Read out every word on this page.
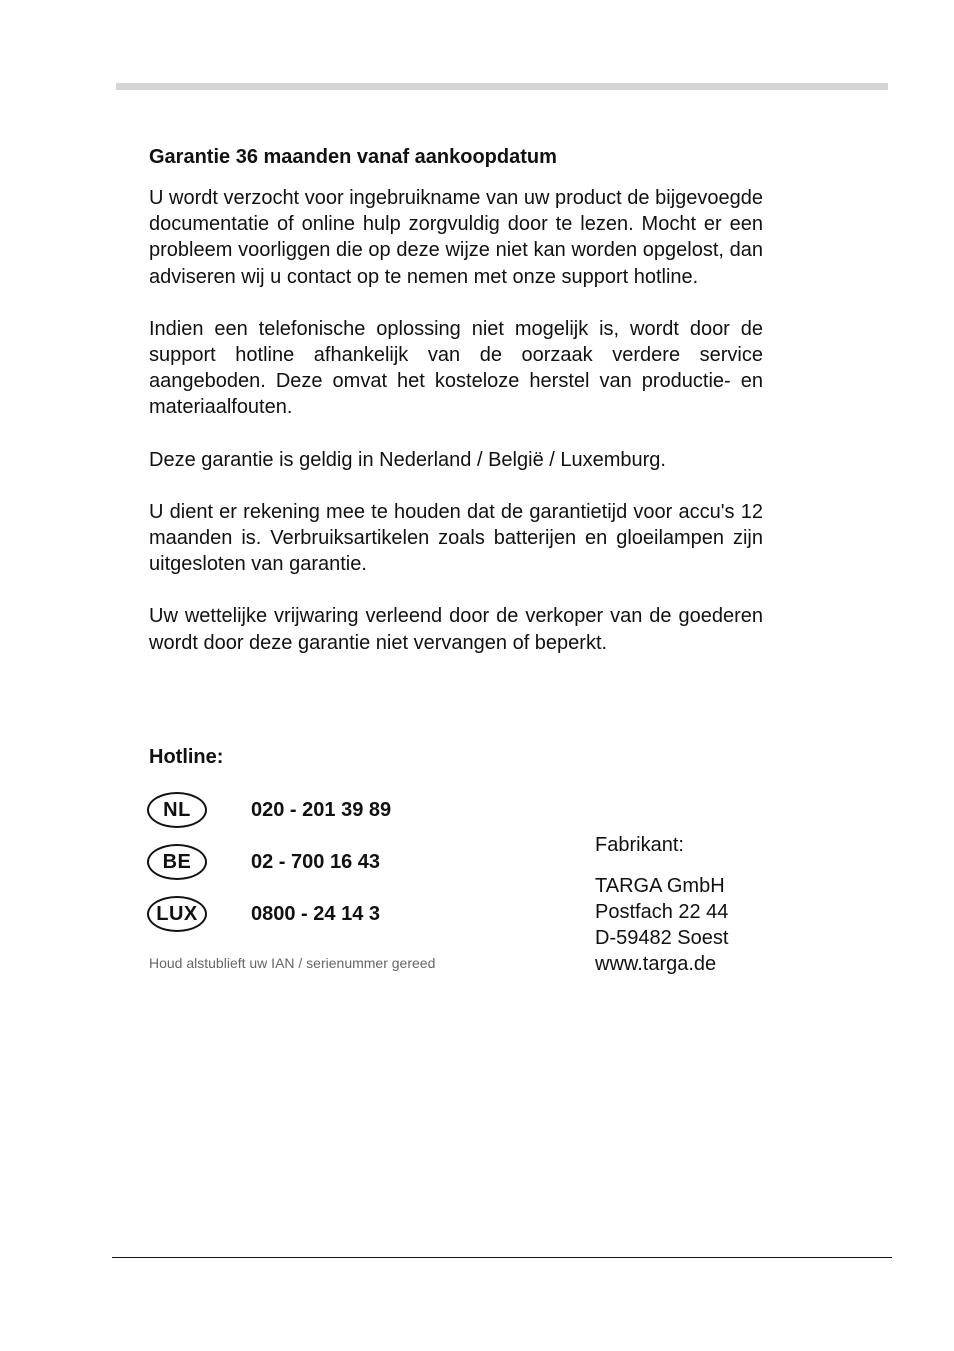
Garantie 36 maanden vanaf aankoopdatum

U wordt verzocht voor ingebruikname van uw product de bijgevoegde documentatie of online hulp zorgvuldig door te lezen. Mocht er een probleem voorliggen die op deze wijze niet kan worden opgelost, dan adviseren wij u contact op te nemen met onze support hotline.

Indien een telefonische oplossing niet mogelijk is, wordt door de support hotline afhankelijk van de oorzaak verdere service aangeboden. Deze omvat het kosteloze herstel van productie- en materiaalfouten.

Deze garantie is geldig in Nederland / België / Luxemburg.

U dient er rekening mee te houden dat de garantietijd voor accu's 12 maanden is. Verbruiksartikelen zoals batterijen en gloeilampen zijn uitgesloten van garantie.

Uw wettelijke vrijwaring verleend door de verkoper van de goederen wordt door deze garantie niet vervangen of beperkt.

Hotline:
NL	020 - 201 39 89
BE	02 - 700 16 43
LUX	0800 - 24 14 3
Houd alstublieft uw IAN / serienummer gereed
Fabrikant:
TARGA GmbH
Postfach 22 44
D-59482 Soest
www.targa.de
